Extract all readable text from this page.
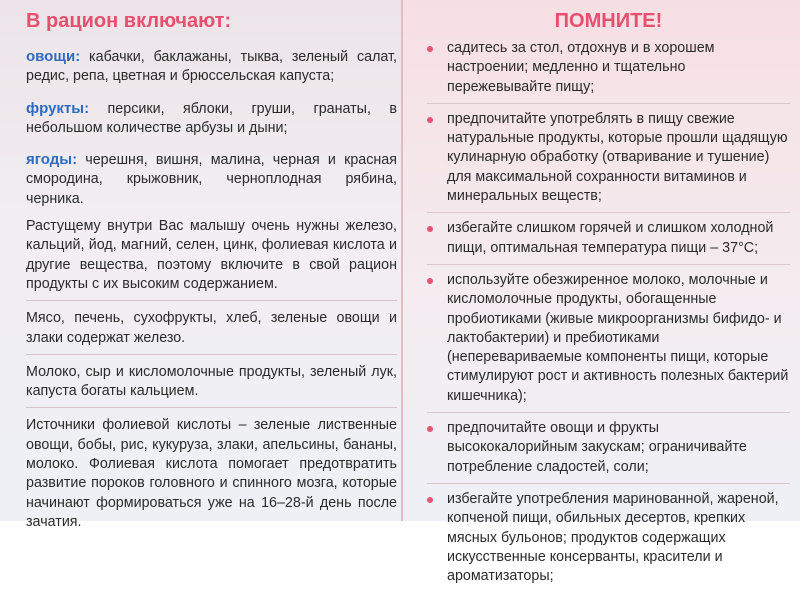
В рацион включают:

овощи: кабачки, баклажаны, тыква, зеленый салат, редис, репа, цветная и брюссельская капуста;

фрукты: персики, яблоки, груши, гранаты, в небольшом количестве арбузы и дыни;

ягоды: черешня, вишня, малина, черная и красная смородина, крыжовник, черноплодная рябина, черника.

Растущему внутри Вас малышу очень нужны железо, кальций, йод, магний, селен, цинк, фолиевая кислота и другие вещества, поэтому включите в свой рацион продукты с их высоким содержанием.

Мясо, печень, сухофрукты, хлеб, зеленые овощи и злаки содержат железо.

Молоко, сыр и кисломолочные продукты, зеленый лук, капуста богаты кальцием.

Источники фолиевой кислоты – зеленые лиственные овощи, бобы, рис, кукуруза, злаки, апельсины, бананы, молоко. Фолиевая кислота помогает предотвратить развитие пороков головного и спинного мозга, которые начинают формироваться уже на 16–28-й день после зачатия.

ПОМНИТЕ!
садитесь за стол, отдохнув и в хорошем настроении; медленно и тщательно пережевывайте пищу;
предпочитайте употреблять в пищу свежие натуральные продукты, которые прошли щадящую кулинарную обработку (отваривание и тушение) для максимальной сохранности витаминов и минеральных веществ;
избегайте слишком горячей и слишком холодной пищи, оптимальная температура пищи – 37°С;
используйте обезжиренное молоко, молочные и кисломолочные продукты, обогащенные пробиотиками (живые микроорганизмы бифидо- и лактобактерии) и пребиотиками (неперевариваемые компоненты пищи, которые стимулируют рост и активность полезных бактерий кишечника);
предпочитайте овощи и фрукты высококалорийным закускам; ограничивайте потребление сладостей, соли;
избегайте употребления маринованной, жареной, копченой пищи, обильных десертов, крепких мясных бульонов; продуктов содержащих искусственные консерванты, красители и ароматизаторы;
